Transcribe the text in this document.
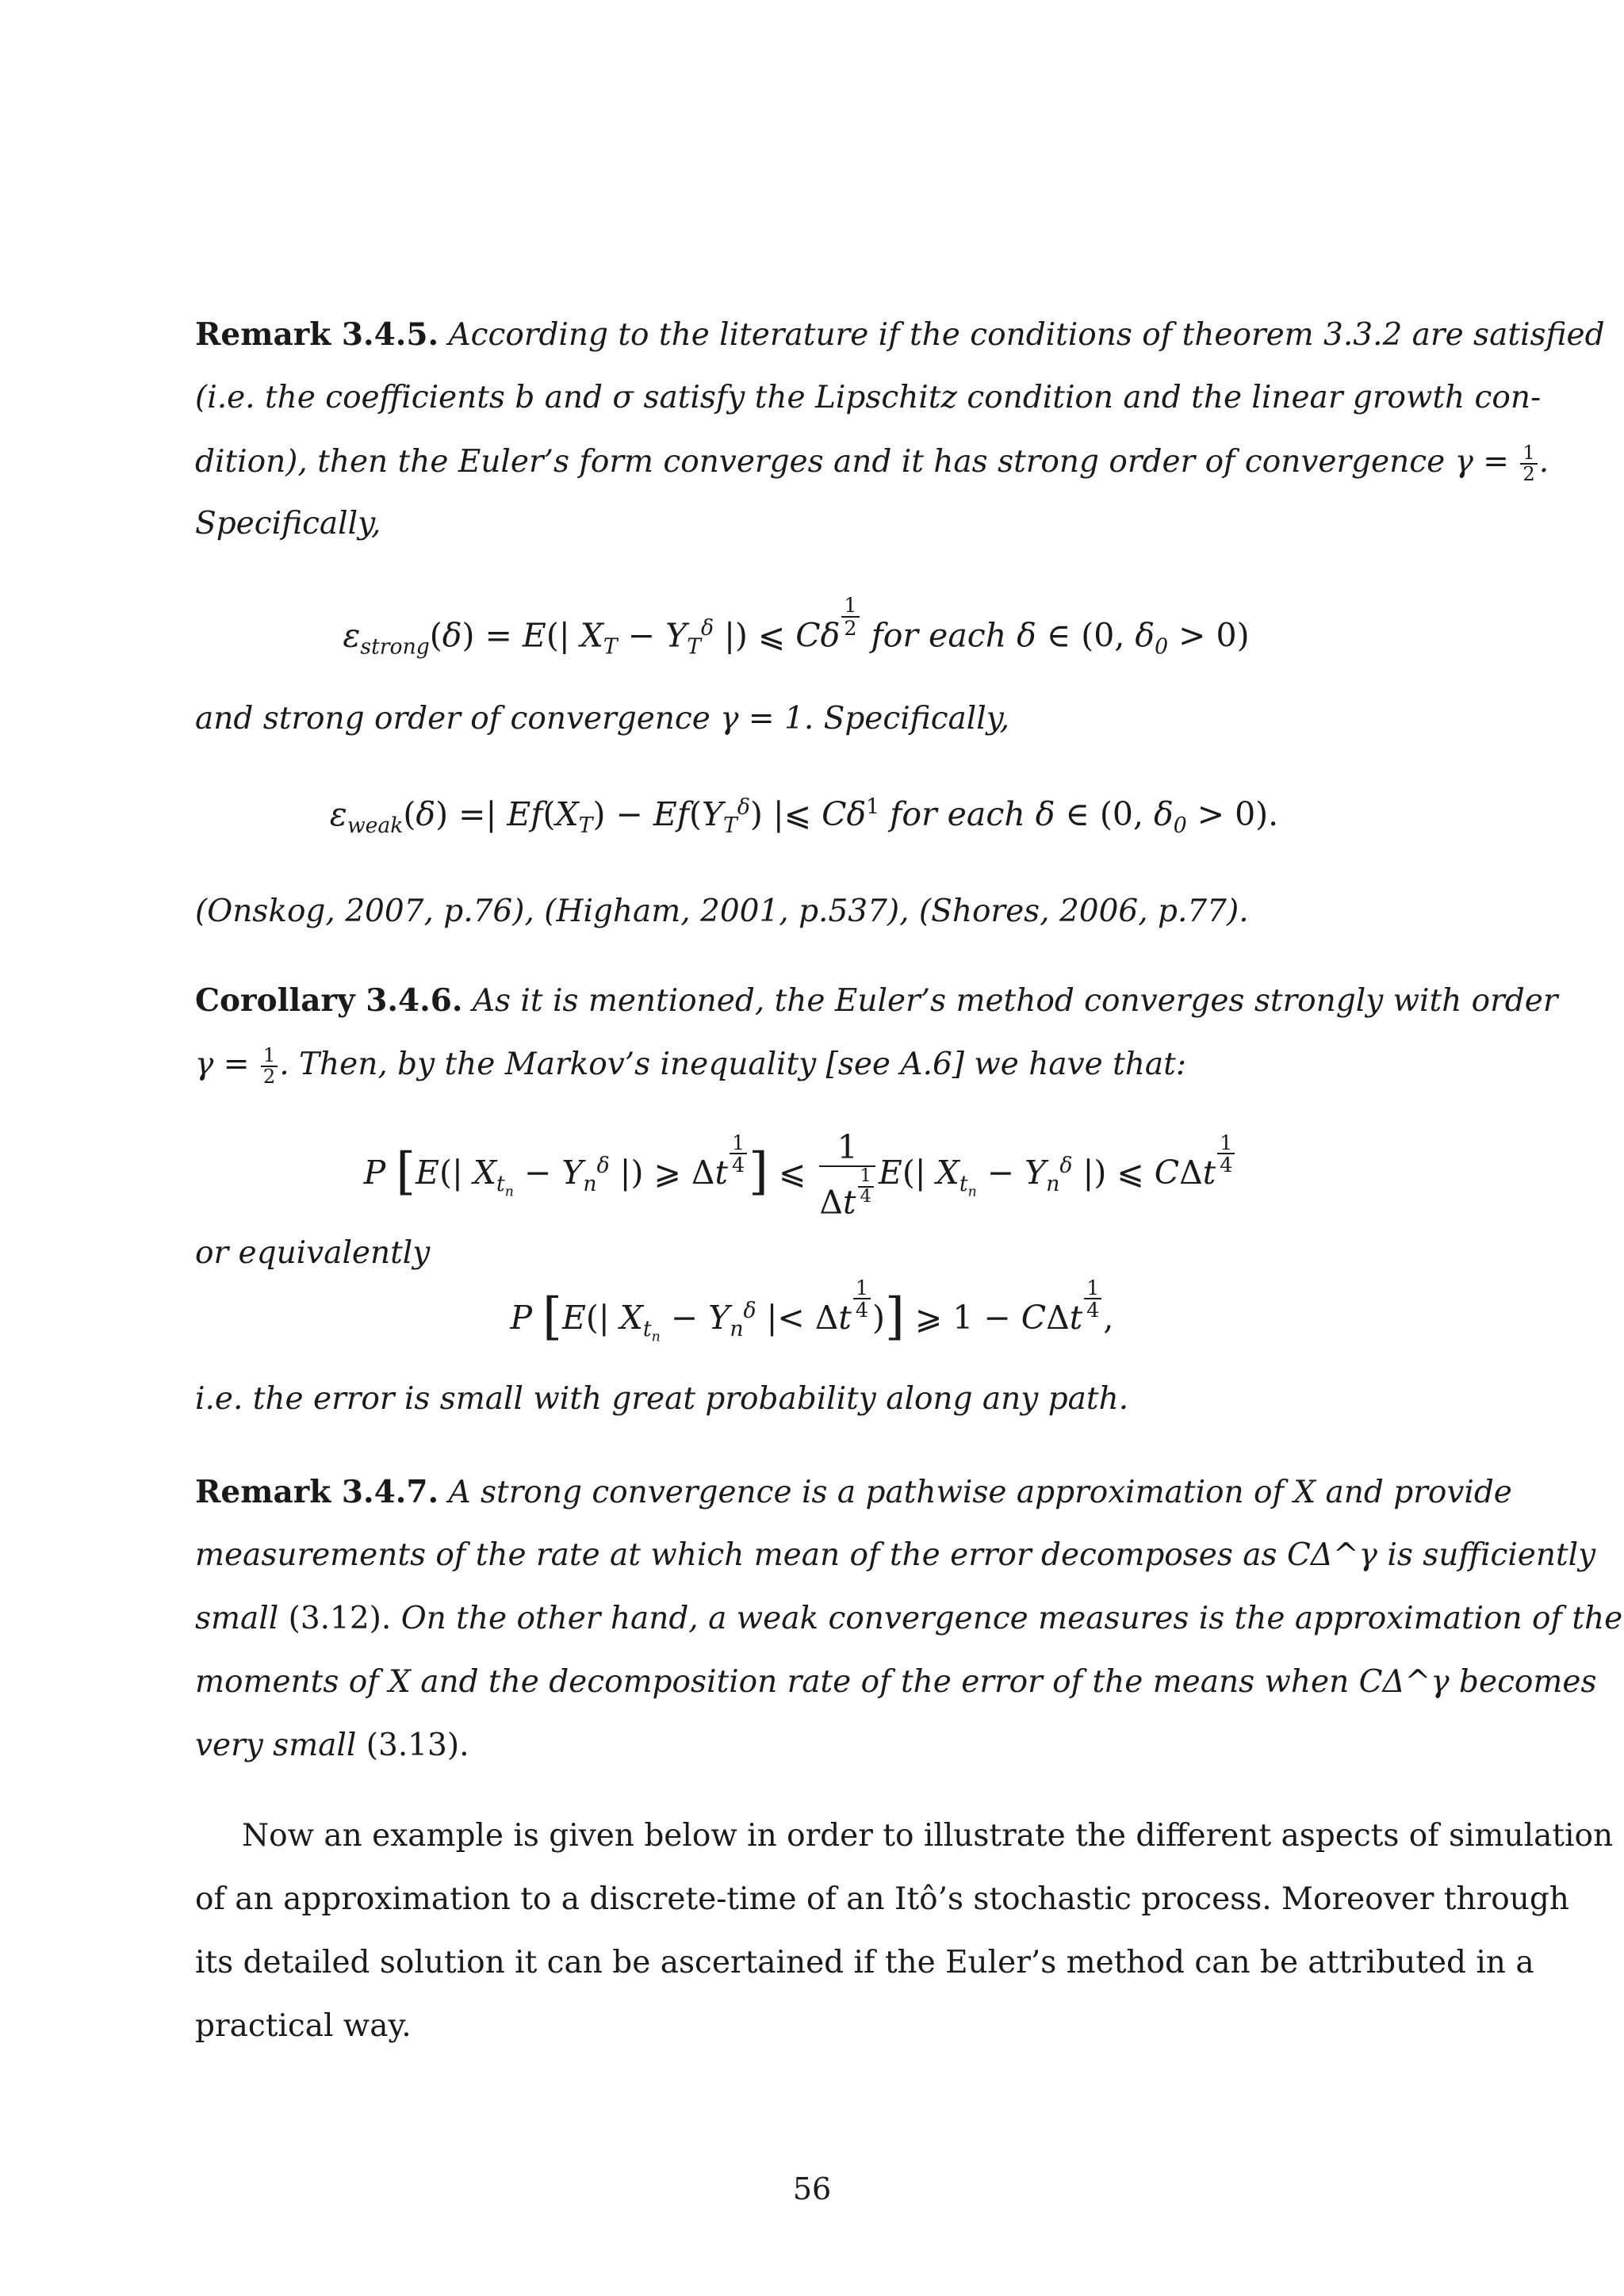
Remark 3.4.5. According to the literature if the conditions of theorem 3.3.2 are satisfied
(i.e. the coefficients b and σ satisfy the Lipschitz condition and the linear growth con-
dition), then the Euler’s form converges and it has strong order of convergence $\gamma = \frac{1}{2}$ .
Specifically,
$\varepsilon_{strong}(\delta) = E(|$ $X_T - Y_T^\delta$ |) ⩽ Cδ $\frac{1}{2}$ for each δ ∈ (0, $\delta_0 > 0$)
and strong order of convergence γ = 1. Specifically,
$\varepsilon_{weak}(\delta)$ =| $Ef(X_T) - Ef(Y_T^\delta)$ |⩽ $C\delta^1$ for each δ ∈ (0, $\delta_0 > 0$).
(Onskog, 2007, p.76), (Higham, 2001, p.537), (Shores, 2006, p.77).
Corollary 3.4.6. As it is mentioned, the Euler’s method converges strongly with order
$\gamma = \frac{1}{2}$ . Then, by the Markov’s inequality [see A.6] we have that:
P [E(| $X_{t_n} - Y_n^\delta$ |) ⩾ Δt $\frac{1}{4}$ ] ⩽ $\frac{1}{\Delta t \frac{1}{4}} E(|$ $X_{t_n} - Y_n^\delta$ |) ⩽ CΔt $\frac{1}{4}$
or equivalently
P [E(| $X_{t_n} - Y_n^\delta$ |< Δt $\frac{1}{4}$ )] ⩾ 1 − CΔt $\frac{1}{4}$ ,
i.e. the error is small with great probability along any path.
Remark 3.4.7. A strong convergence is a pathwise approximation of X and provide
measurements of the rate at which mean of the error decomposes as CΔ^γ is sufficiently
small (3.12). On the other hand, a weak convergence measures is the approximation of the
moments of X and the decomposition rate of the error of the means when CΔ^γ becomes
very small (3.13).
Now an example is given below in order to illustrate the different aspects of simulation
of an approximation to a discrete-time of an Itô’s stochastic process. Moreover through
its detailed solution it can be ascertained if the Euler’s method can be attributed in a
practical way.
56
